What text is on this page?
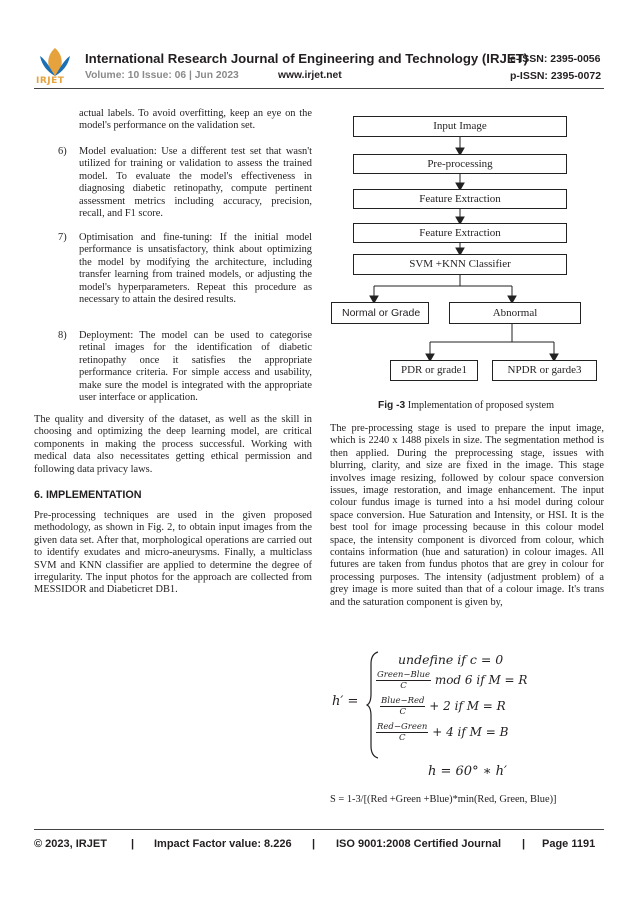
IRJET
International Research Journal of Engineering and Technology (IRJET)
e-ISSN: 2395-0056
Volume: 10 Issue: 06 | Jun 2023	www.irjet.net	p-ISSN: 2395-0072

actual labels. To avoid overfitting, keep an eye on the model's performance on the validation set.

6) Model evaluation: Use a different test set that wasn't utilized for training or validation to assess the trained model. To evaluate the model's effectiveness in diagnosing diabetic retinopathy, compute pertinent assessment metrics including accuracy, precision, recall, and F1 score.

7) Optimisation and fine-tuning: If the initial model performance is unsatisfactory, think about optimizing the model by modifying the architecture, including transfer learning from trained models, or adjusting the model's hyperparameters. Repeat this procedure as necessary to attain the desired results.

8) Deployment: The model can be used to categorise retinal images for the identification of diabetic retinopathy once it satisfies the appropriate performance criteria. For simple access and usability, make sure the model is integrated with the appropriate user interface or application.

The quality and diversity of the dataset, as well as the skill in choosing and optimizing the deep learning model, are critical components in making the process successful. Working with medical data also necessitates getting ethical permission and following data privacy laws.

6. IMPLEMENTATION

Pre-processing techniques are used in the given proposed methodology, as shown in Fig. 2, to obtain input images from the given data set. After that, morphological operations are carried out to identify exudates and micro-aneurysms. Finally, a multiclass SVM and KNN classifier are applied to determine the degree of irregularity. The input photos for the approach are collected from MESSIDOR and Diabeticret DB1.

Input Image
Pre-processing
Feature Extraction
Feature Extraction
SVM +KNN Classifier
Normal or Grade	Abnormal
PDR or grade1	NPDR or garde3
Fig -3 Implementation of proposed system

The pre-processing stage is used to prepare the input image, which is 2240 x 1488 pixels in size. The segmentation method is then applied. During the preprocessing stage, issues with blurring, clarity, and size are fixed in the image. This stage involves image resizing, followed by colour space conversion issues, image restoration, and image enhancement. The input colour fundus image is turned into a hsi model during colour space conversion. Hue Saturation and Intensity, or HSI. It is the best tool for image processing because in this colour model space, the intensity component is divorced from colour, which contains information (hue and saturation) in colour images. All futures are taken from fundus photos that are grey in colour for processing purposes. The intensity (adjustment problem) of a grey image is more suited than that of a colour image. It's trans and the saturation component is given by,

h′ =
undefine if c = 0
$\frac{\text{Green−Blue}}{C}$ mod 6 if M = R
$\frac{\text{Blue−Red}}{C} + 2$ if M = R
$\frac{\text{Red−Green}}{C} + 4$ if M = B
h = 60° ∗ h′
S = 1-3/[(Red +Green +Blue)*min(Red, Green, Blue)]
© 2023, IRJET | Impact Factor value: 8.226 | ISO 9001:2008 Certified Journal | Page 1191
